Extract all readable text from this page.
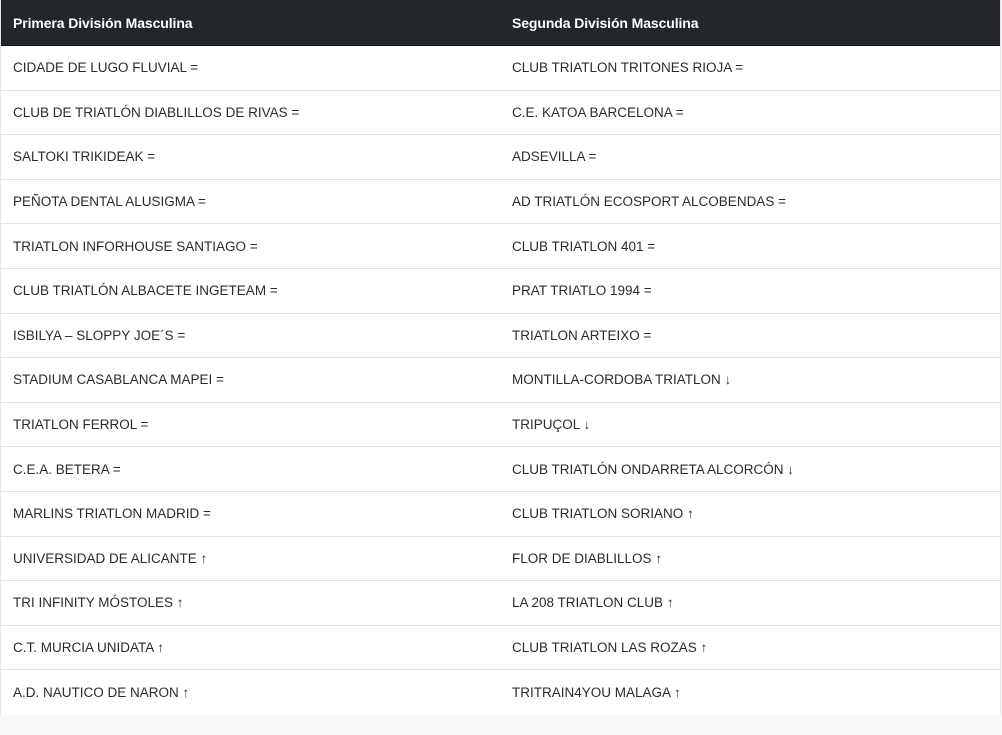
Primera División Masculina	Segunda División Masculina
CIDADE DE LUGO FLUVIAL =	CLUB TRIATLON TRITONES RIOJA =
CLUB DE TRIATLÓN DIABLILLOS DE RIVAS =	C.E. KATOA BARCELONA =
SALTOKI TRIKIDEAK =	ADSEVILLA =
PEÑOTA DENTAL ALUSIGMA =	AD TRIATLÓN ECOSPORT ALCOBENDAS =
TRIATLON INFORHOUSE SANTIAGO =	CLUB TRIATLON 401 =
CLUB TRIATLÓN ALBACETE INGETEAM =	PRAT TRIATLO 1994 =
ISBILYA – SLOPPY JOE´S =	TRIATLON ARTEIXO =
STADIUM CASABLANCA MAPEI =	MONTILLA-CORDOBA TRIATLON ↓
TRIATLON FERROL =	TRIPUÇOL ↓
C.E.A. BETERA =	CLUB TRIATLÓN ONDARRETA ALCORCÓN ↓
MARLINS TRIATLON MADRID =	CLUB TRIATLON SORIANO ↑
UNIVERSIDAD DE ALICANTE ↑	FLOR DE DIABLILLOS ↑
TRI INFINITY MÓSTOLES ↑	LA 208 TRIATLON CLUB ↑
C.T. MURCIA UNIDATA ↑	CLUB TRIATLON LAS ROZAS ↑
A.D. NAUTICO DE NARON ↑	TRITRAIN4YOU MALAGA ↑
